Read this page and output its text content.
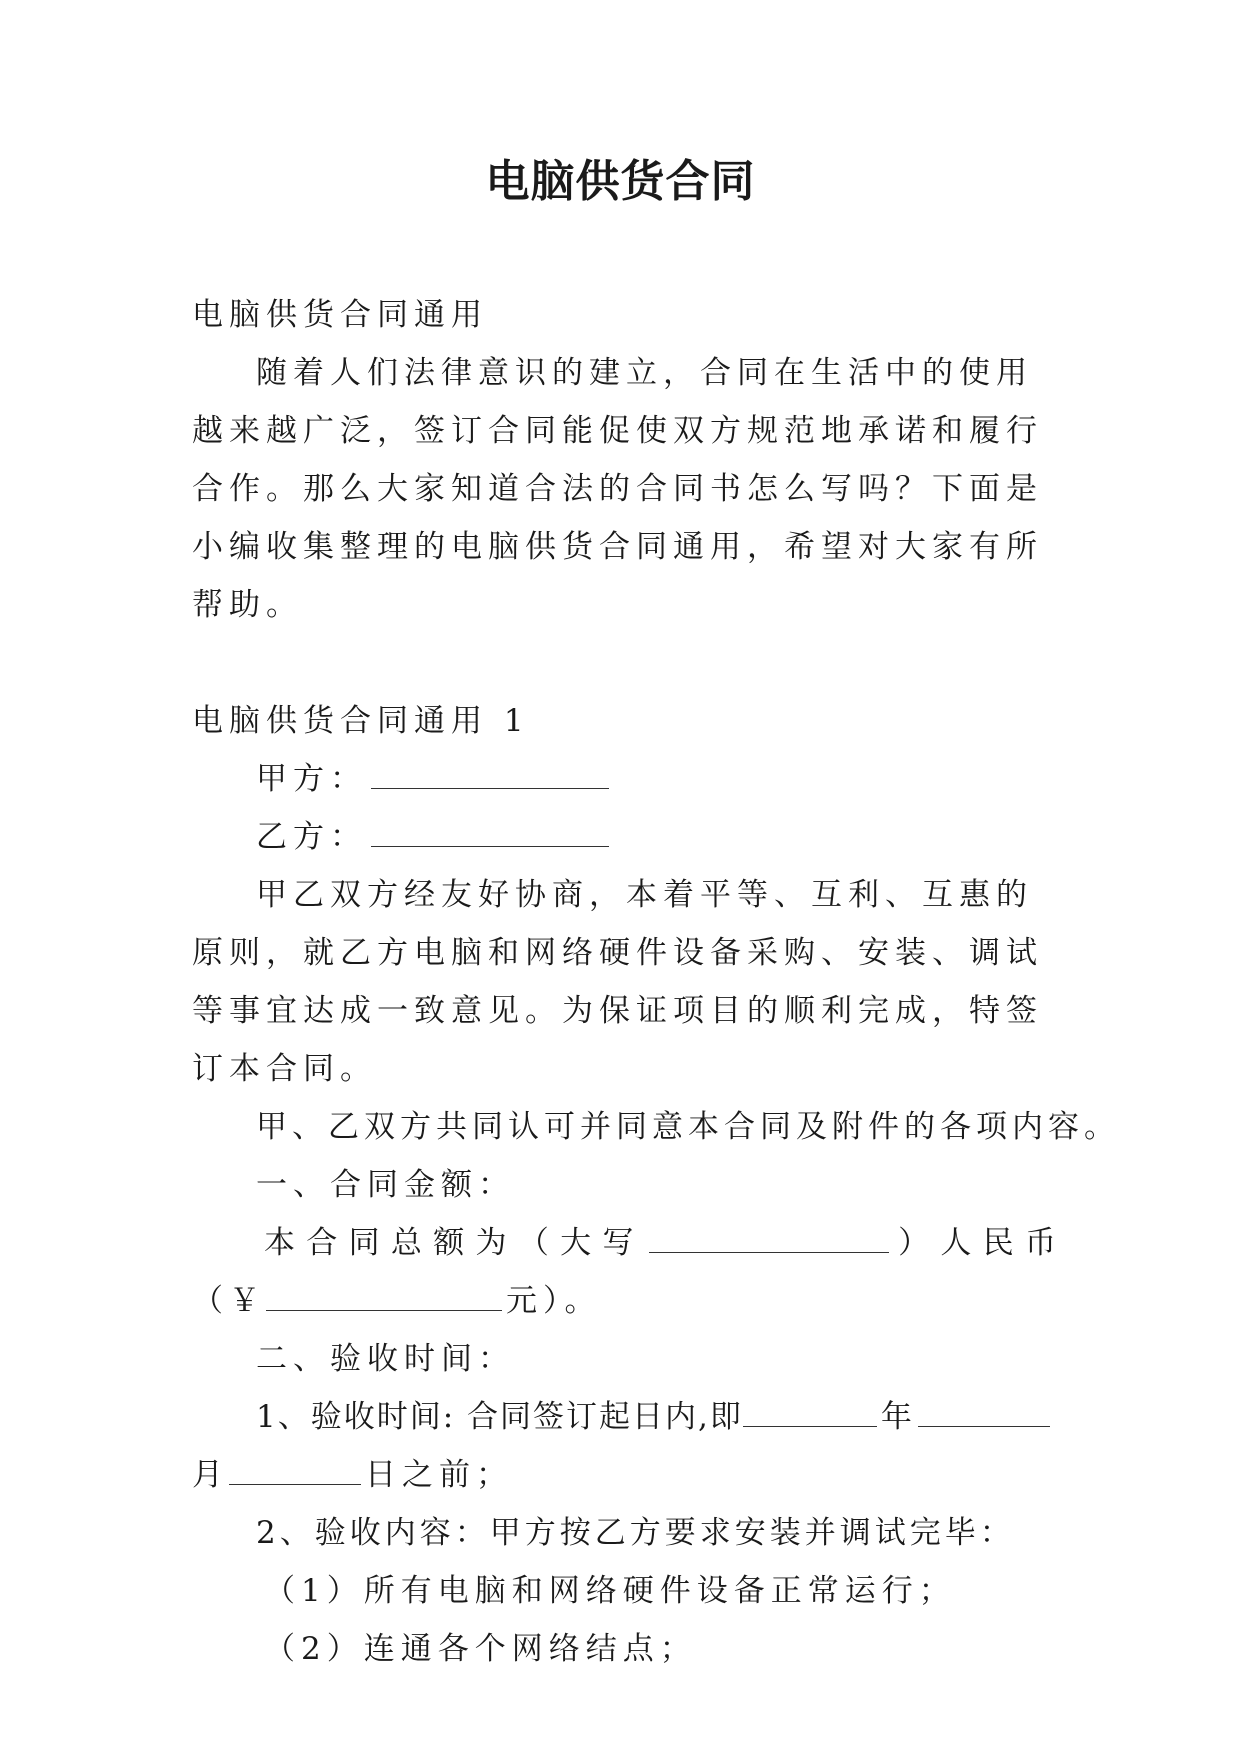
电脑供货合同

电脑供货合同通用

随着人们法律意识的建立，合同在生活中的使用越来越广泛，签订合同能促使双方规范地承诺和履行合作。那么大家知道合法的合同书怎么写吗？下面是小编收集整理的电脑供货合同通用，希望对大家有所帮助。

电脑供货合同通用 1

甲方：

乙方：

甲乙双方经友好协商，本着平等、互利、互惠的原则，就乙方电脑和网络硬件设备采购、安装、调试等事宜达成一致意见。为保证项目的顺利完成，特签订本合同。

甲、乙双方共同认可并同意本合同及附件的各项内容。

一、合同金额：

本合同总额为（大写	）人民币

（￥	元）。

二、验收时间：

1、验收时间: 合同签订起日内,即	年

月	日之前；

2、验收内容：甲方按乙方要求安装并调试完毕：

（1）所有电脑和网络硬件设备正常运行；

（2）连通各个网络结点；
